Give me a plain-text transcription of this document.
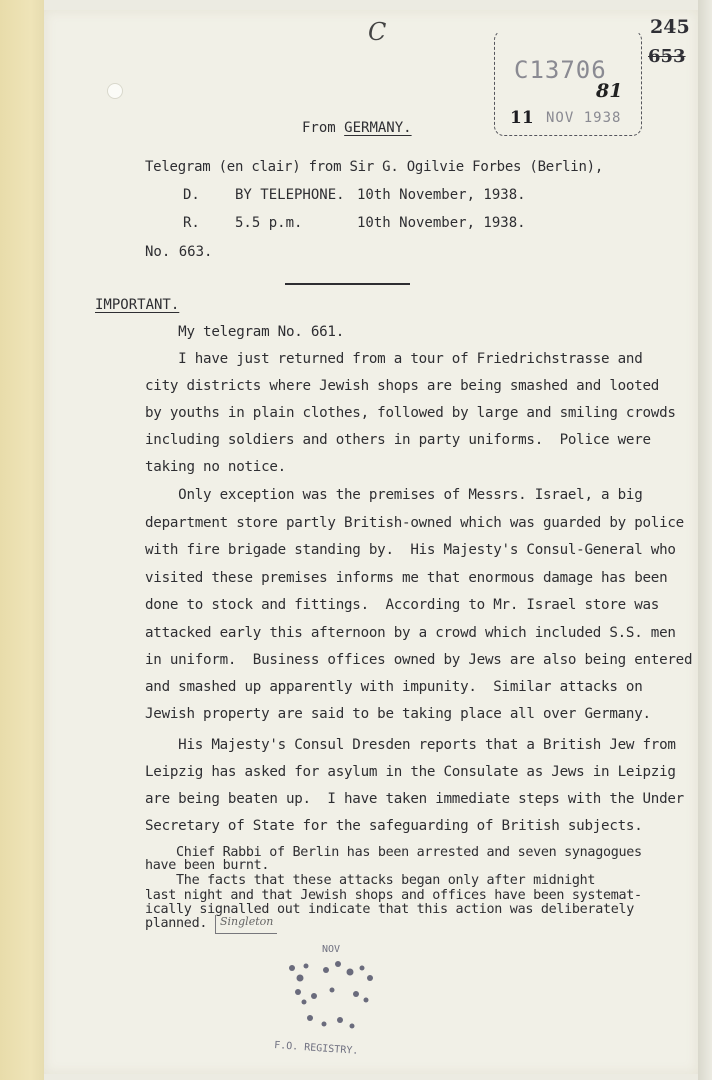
C	245
653
C13706
81
11 NOV 1938
From GERMANY.
Telegram (en clair) from Sir G. Ogilvie Forbes (Berlin),
D.	BY TELEPHONE. 10th November, 1938.
R.	5.5 p.m.	10th November, 1938.
No. 663.
IMPORTANT.
My telegram No. 661.
I have just returned from a tour of Friedrichstrasse and
city districts where Jewish shops are being smashed and looted
by youths in plain clothes, followed by large and smiling crowds
including soldiers and others in party uniforms.  Police were
taking no notice.
Only exception was the premises of Messrs. Israel, a big
department store partly British-owned which was guarded by police
with fire brigade standing by.  His Majesty's Consul-General who
visited these premises informs me that enormous damage has been
done to stock and fittings.  According to Mr. Israel store was
attacked early this afternoon by a crowd which included S.S. men
in uniform.  Business offices owned by Jews are also being entered
and smashed up apparently with impunity.  Similar attacks on
Jewish property are said to be taking place all over Germany.
His Majesty's Consul Dresden reports that a British Jew from
Leipzig has asked for asylum in the Consulate as Jews in Leipzig
are being beaten up.  I have taken immediate steps with the Under
Secretary of State for the safeguarding of British subjects.
Chief Rabbi of Berlin has been arrested and seven synagogues
have been burnt.
The facts that these attacks began only after midnight
last night and that Jewish shops and offices have been systemat-
ically signalled out indicate that this action was deliberately
planned.	Singleton
NOV
F.O. REGISTRY.
